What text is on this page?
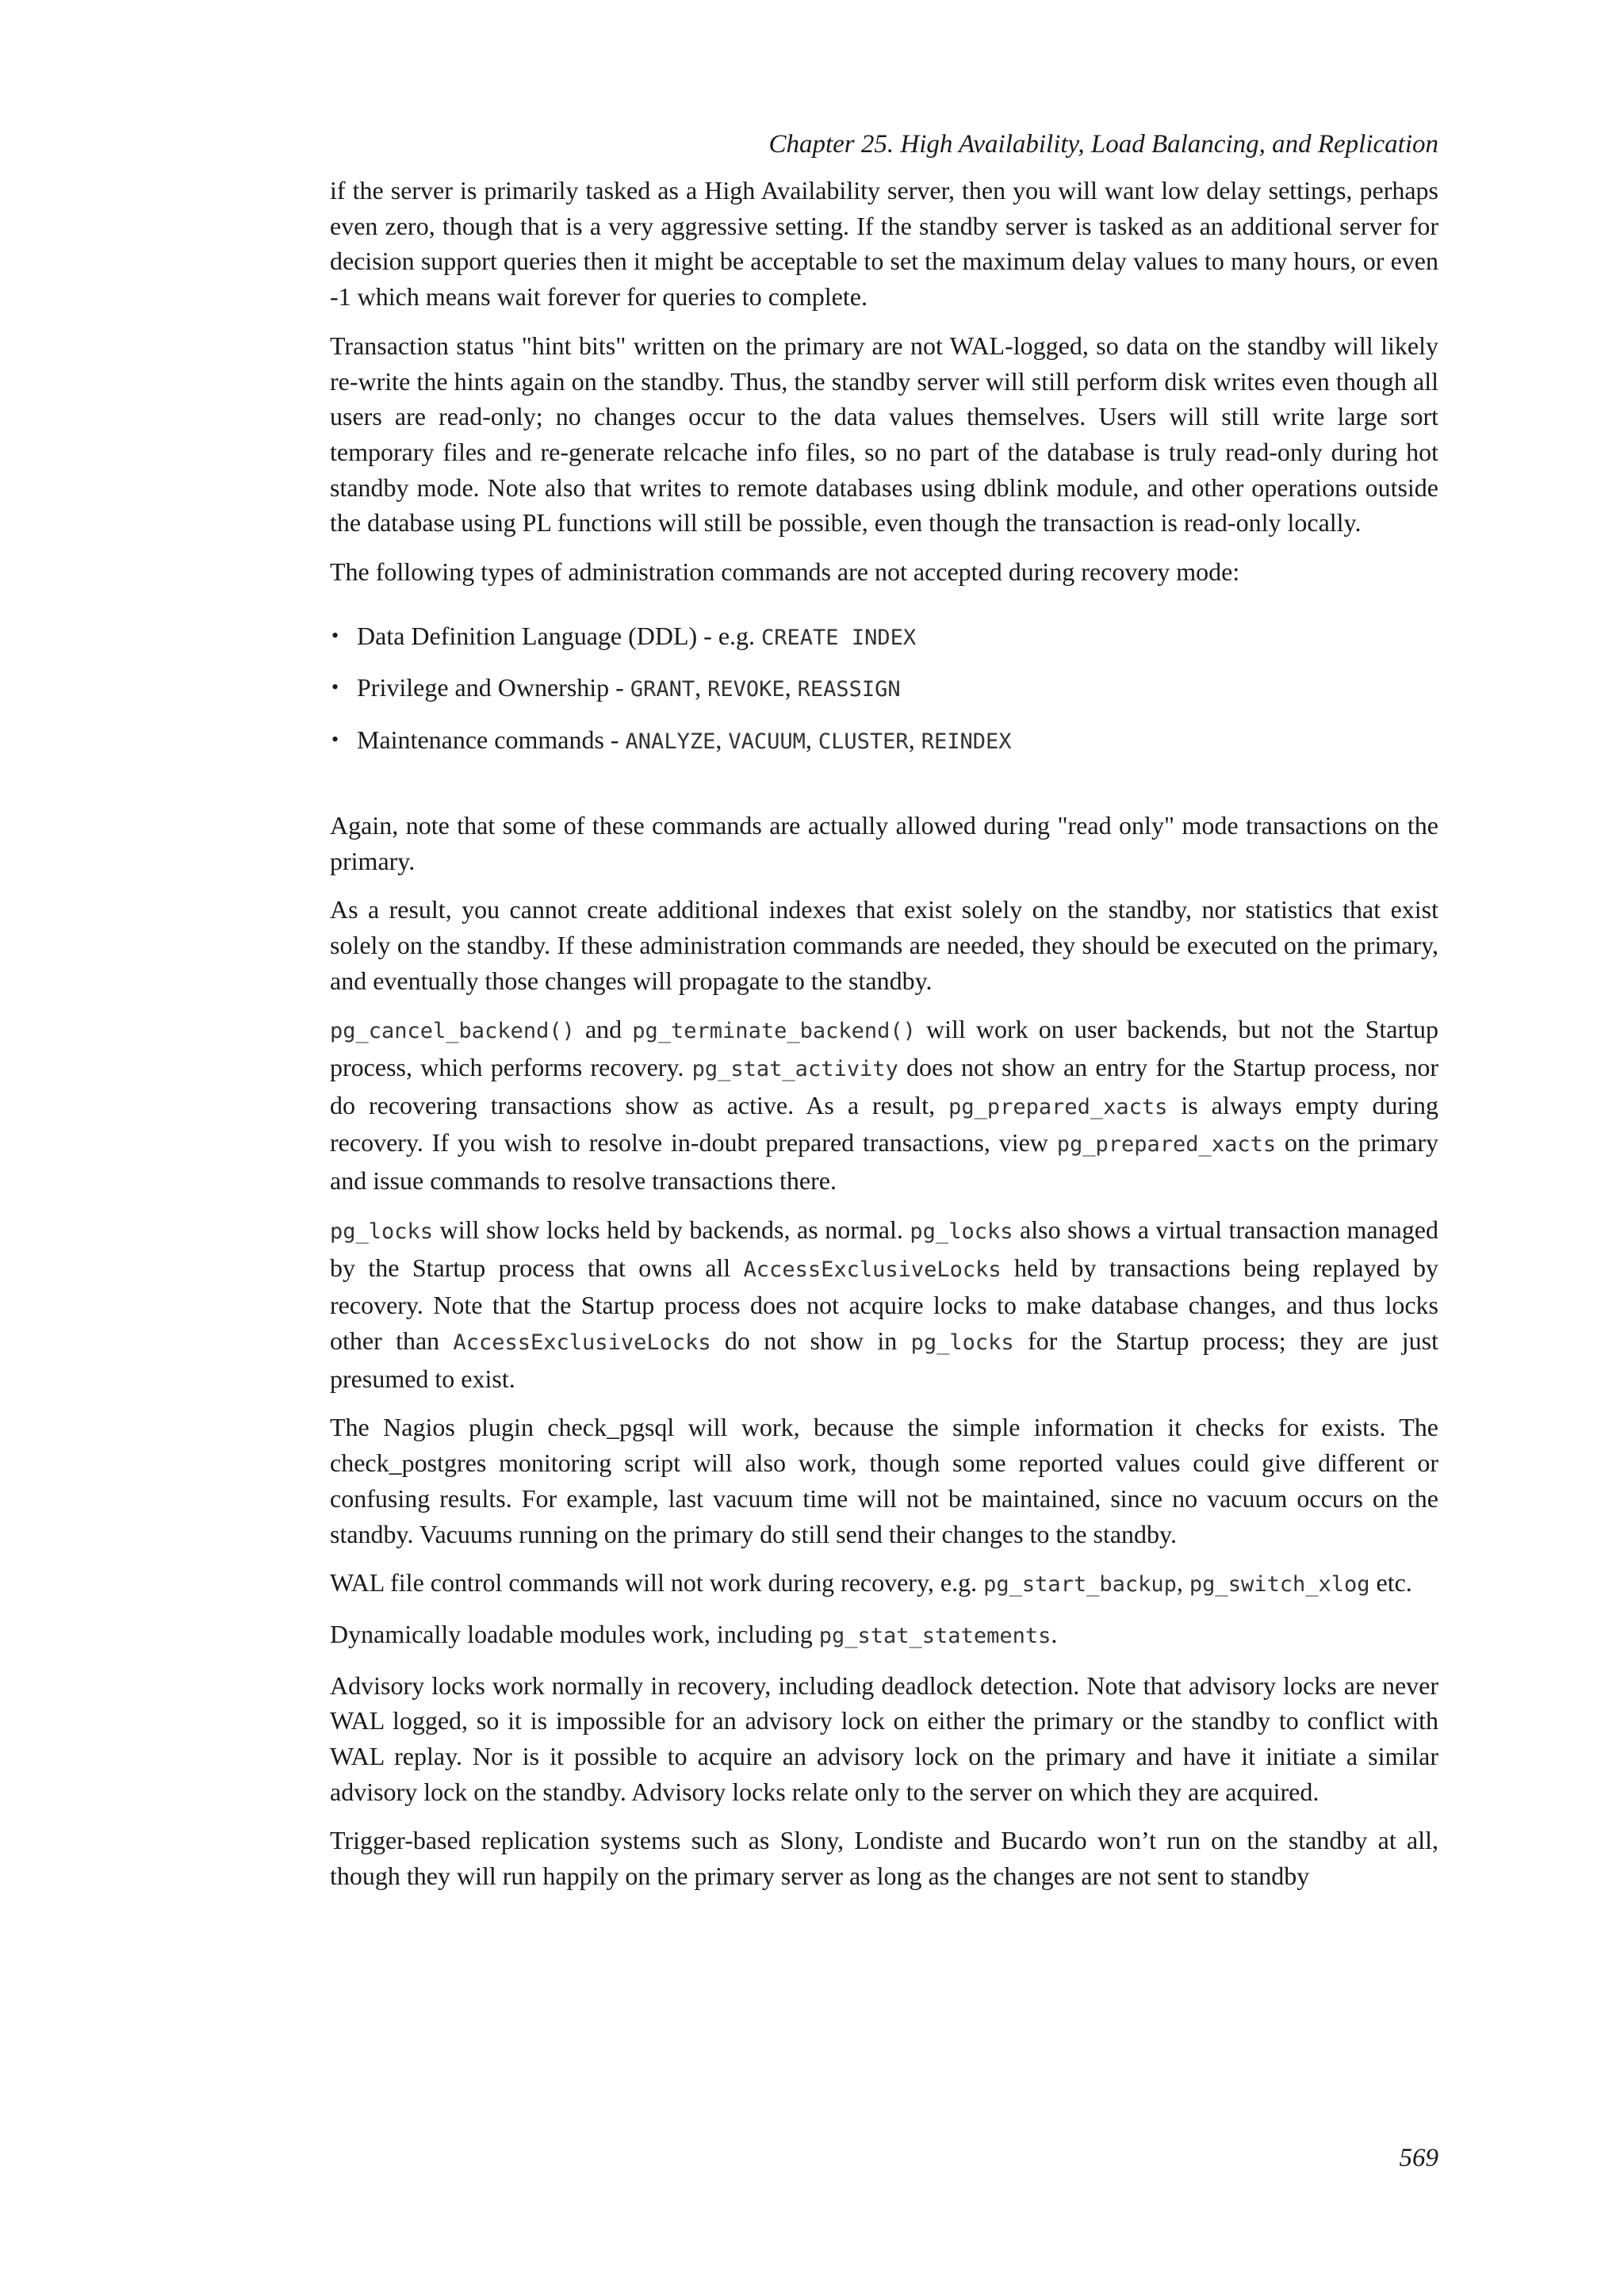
Chapter 25. High Availability, Load Balancing, and Replication

if the server is primarily tasked as a High Availability server, then you will want low delay settings, perhaps even zero, though that is a very aggressive setting. If the standby server is tasked as an additional server for decision support queries then it might be acceptable to set the maximum delay values to many hours, or even -1 which means wait forever for queries to complete.

Transaction status "hint bits" written on the primary are not WAL-logged, so data on the standby will likely re-write the hints again on the standby. Thus, the standby server will still perform disk writes even though all users are read-only; no changes occur to the data values themselves. Users will still write large sort temporary files and re-generate relcache info files, so no part of the database is truly read-only during hot standby mode. Note also that writes to remote databases using dblink module, and other operations outside the database using PL functions will still be possible, even though the transaction is read-only locally.

The following types of administration commands are not accepted during recovery mode:

• Data Definition Language (DDL) - e.g. CREATE INDEX
• Privilege and Ownership - GRANT, REVOKE, REASSIGN
• Maintenance commands - ANALYZE, VACUUM, CLUSTER, REINDEX

Again, note that some of these commands are actually allowed during "read only" mode transactions on the primary.

As a result, you cannot create additional indexes that exist solely on the standby, nor statistics that exist solely on the standby. If these administration commands are needed, they should be executed on the primary, and eventually those changes will propagate to the standby.

pg_cancel_backend() and pg_terminate_backend() will work on user backends, but not the Startup process, which performs recovery. pg_stat_activity does not show an entry for the Startup process, nor do recovering transactions show as active. As a result, pg_prepared_xacts is always empty during recovery. If you wish to resolve in-doubt prepared transactions, view pg_prepared_xacts on the primary and issue commands to resolve transactions there.

pg_locks will show locks held by backends, as normal. pg_locks also shows a virtual transaction managed by the Startup process that owns all AccessExclusiveLocks held by transactions being replayed by recovery. Note that the Startup process does not acquire locks to make database changes, and thus locks other than AccessExclusiveLocks do not show in pg_locks for the Startup process; they are just presumed to exist.

The Nagios plugin check_pgsql will work, because the simple information it checks for exists. The check_postgres monitoring script will also work, though some reported values could give different or confusing results. For example, last vacuum time will not be maintained, since no vacuum occurs on the standby. Vacuums running on the primary do still send their changes to the standby.

WAL file control commands will not work during recovery, e.g. pg_start_backup, pg_switch_xlog etc.

Dynamically loadable modules work, including pg_stat_statements.

Advisory locks work normally in recovery, including deadlock detection. Note that advisory locks are never WAL logged, so it is impossible for an advisory lock on either the primary or the standby to conflict with WAL replay. Nor is it possible to acquire an advisory lock on the primary and have it initiate a similar advisory lock on the standby. Advisory locks relate only to the server on which they are acquired.

Trigger-based replication systems such as Slony, Londiste and Bucardo won’t run on the standby at all, though they will run happily on the primary server as long as the changes are not sent to standby

569
